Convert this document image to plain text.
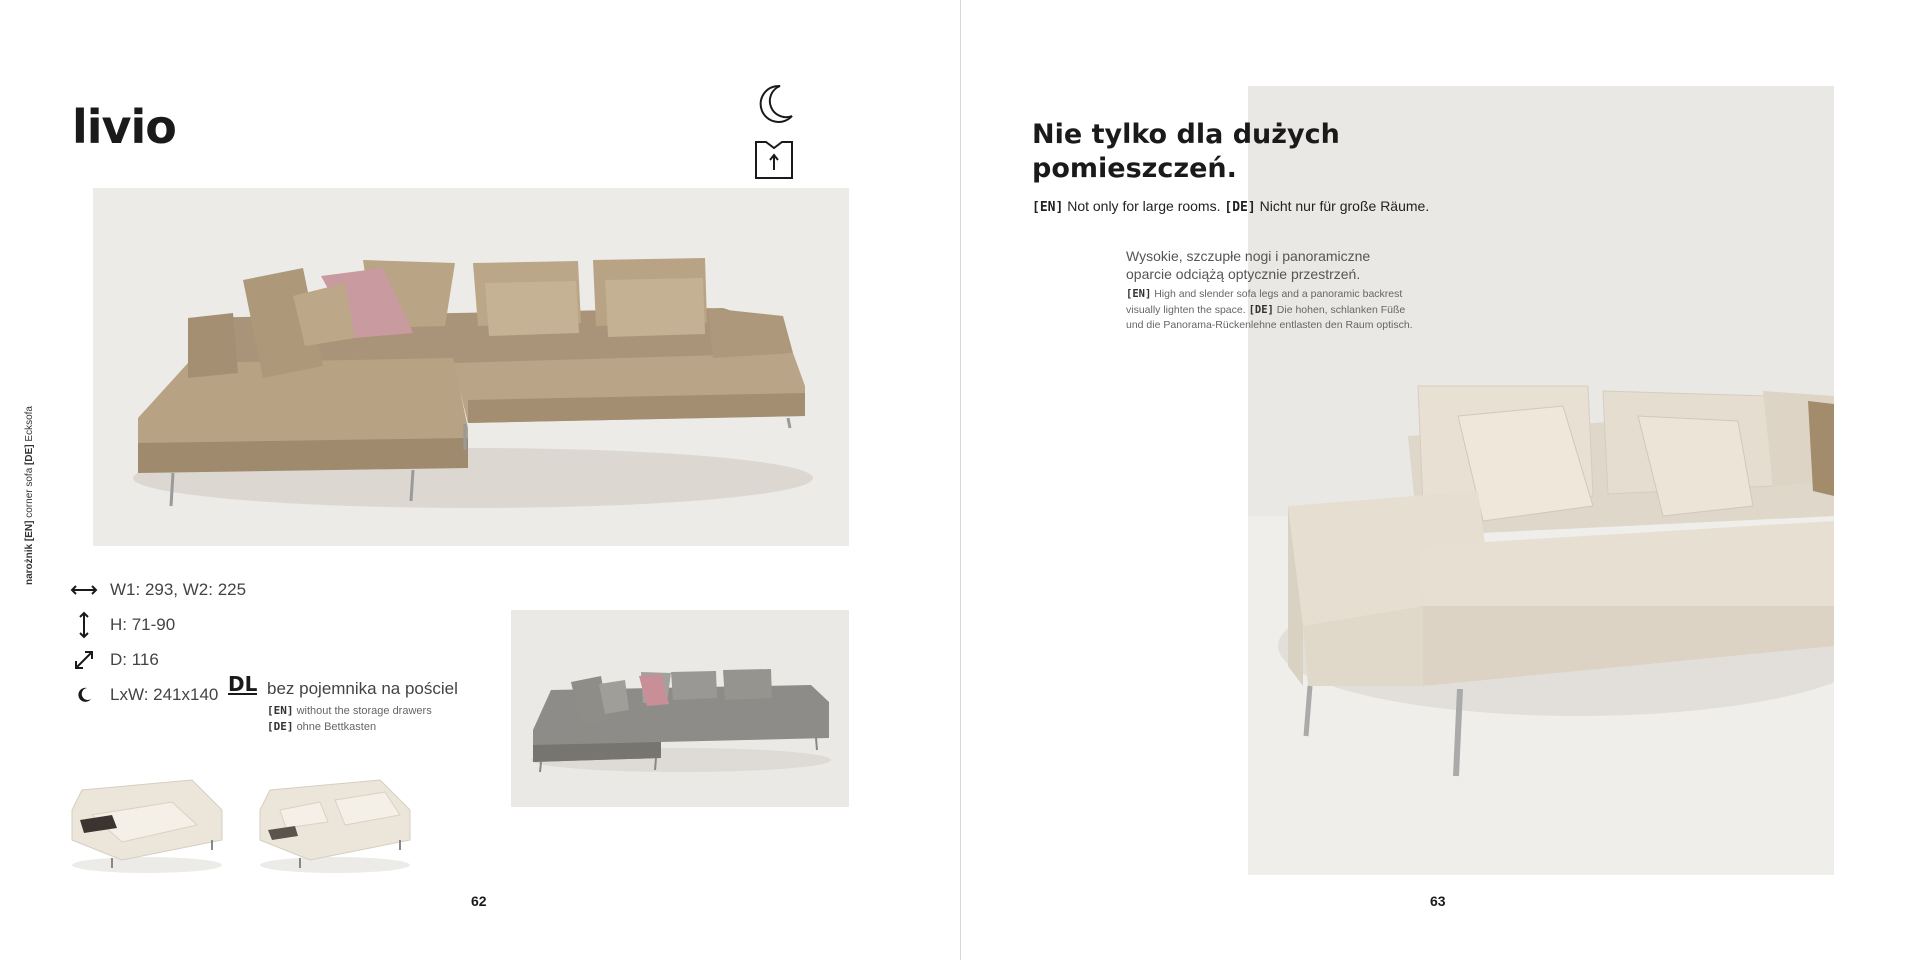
livio
narożnik [EN] corner sofa [DE] Ecksofa
W1: 293, W2: 225
H: 71-90
D: 116
LxW: 241x140 DL bez pojemnika na pościel
[EN] without the storage drawers
[DE] ohne Bettkasten
62
Nie tylko dla dużych pomieszczeń.
[EN] Not only for large rooms. [DE] Nicht nur für große Räume.
Wysokie, szczupłe nogi i panoramiczne oparcie odciążą optycznie przestrzeń.
[EN] High and slender sofa legs and a panoramic backrest visually lighten the space. [DE] Die hohen, schlanken Füße und die Panorama-Rückenlehne entlasten den Raum optisch.
63
